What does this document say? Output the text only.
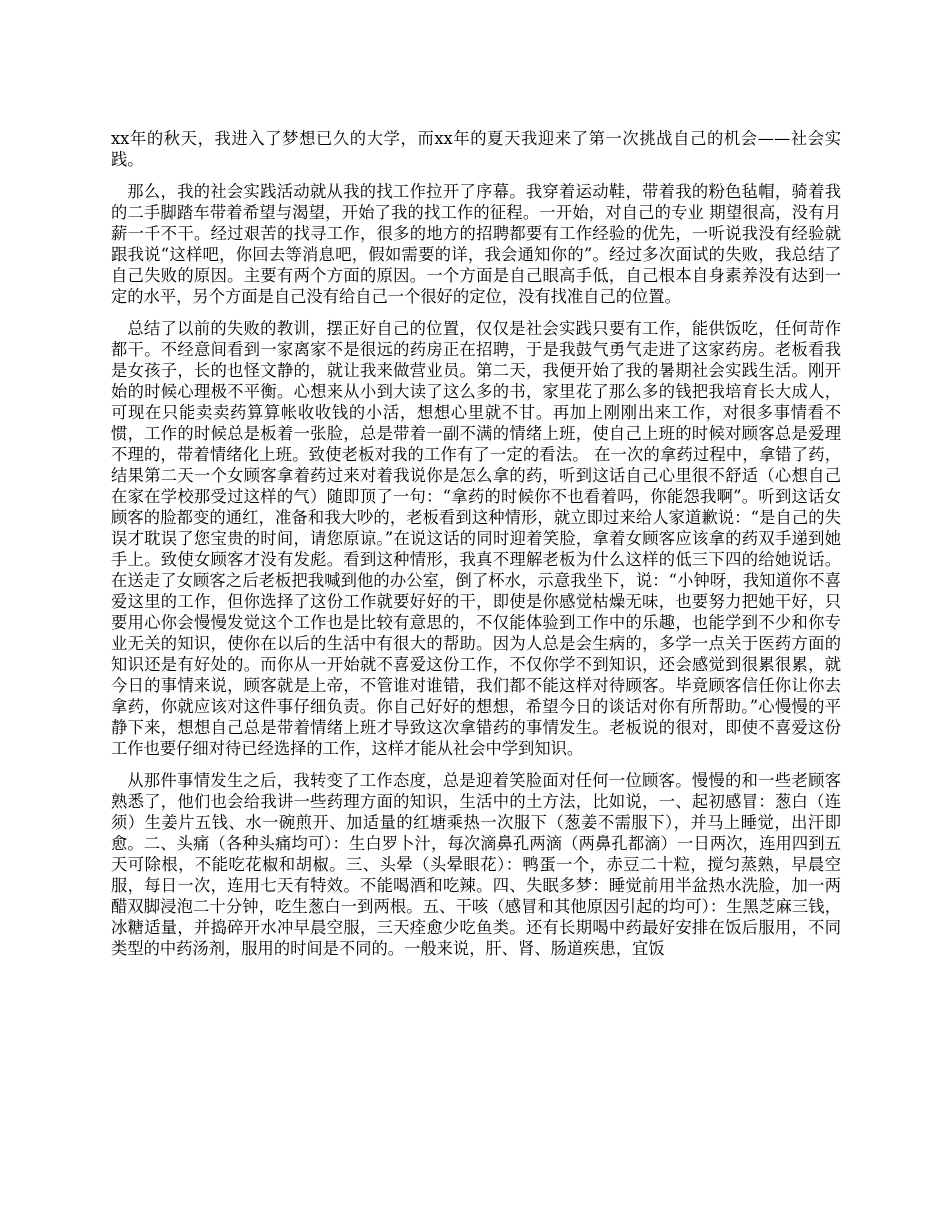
xx年的秋天，我进入了梦想已久的大学，而xx年的夏天我迎来了第一次挑战自己的机会——社会实践。

那么，我的社会实践活动就从我的找工作拉开了序幕。我穿着运动鞋，带着我的粉色毡帽，骑着我的二手脚踏车带着希望与渴望，开始了我的找工作的征程。一开始，对自己的专业 期望很高，没有月薪一千不干。经过艰苦的找寻工作，很多的地方的招聘都要有工作经验的优先，一听说我没有经验就跟我说“这样吧，你回去等消息吧，假如需要的详，我会通知你的”。经过多次面试的失败，我总结了自己失败的原因。主要有两个方面的原因。一个方面是自己眼高手低，自己根本自身素养没有达到一定的水平，另个方面是自己没有给自己一个很好的定位，没有找准自己的位置。

总结了以前的失败的教训，摆正好自己的位置，仅仅是社会实践只要有工作，能供饭吃，任何苛作都干。不经意间看到一家离家不是很远的药房正在招聘，于是我鼓气勇气走进了这家药房。老板看我是女孩子，长的也怪文静的，就让我来做营业员。第二天，我便开始了我的暑期社会实践生活。刚开始的时候心理极不平衡。心想来从小到大读了这么多的书，家里花了那么多的钱把我培育长大成人，可现在只能卖卖药算算帐收收钱的小活，想想心里就不甘。再加上刚刚出来工作，对很多事情看不惯，工作的时候总是板着一张脸，总是带着一副不满的情绪上班，使自己上班的时候对顾客总是爱理不理的，带着情绪化上班。致使老板对我的工作有了一定的看法。 在一次的拿药过程中，拿错了药，结果第二天一个女顾客拿着药过来对着我说你是怎么拿的药，听到这话自己心里很不舒适（心想自己在家在学校那受过这样的气）随即顶了一句：“拿药的时候你不也看着吗，你能怨我啊”。听到这话女顾客的脸都变的通红，准备和我大吵的，老板看到这种情形，就立即过来给人家道歉说：“是自己的失误才耽误了您宝贵的时间，请您原谅。”在说这话的同时迎着笑脸，拿着女顾客应该拿的药双手递到她手上。致使女顾客才没有发彪。看到这种情形，我真不理解老板为什么这样的低三下四的给她说话。在送走了女顾客之后老板把我喊到他的办公室，倒了杯水，示意我坐下，说：“小钟呀，我知道你不喜爱这里的工作，但你选择了这份工作就要好好的干，即使是你感觉枯燥无味，也要努力把她干好，只要用心你会慢慢发觉这个工作也是比较有意思的，不仅能体验到工作中的乐趣，也能学到不少和你专业无关的知识，使你在以后的生活中有很大的帮助。因为人总是会生病的，多学一点关于医药方面的知识还是有好处的。而你从一开始就不喜爱这份工作，不仅你学不到知识，还会感觉到很累很累，就今日的事情来说，顾客就是上帝，不管谁对谁错，我们都不能这样对待顾客。毕竟顾客信任你让你去拿药，你就应该对这件事仔细负责。你自己好好的想想，希望今日的谈话对你有所帮助。”心慢慢的平静下来，想想自己总是带着情绪上班才导致这次拿错药的事情发生。老板说的很对，即使不喜爱这份工作也要仔细对待已经选择的工作，这样才能从社会中学到知识。

从那件事情发生之后，我转变了工作态度，总是迎着笑脸面对任何一位顾客。慢慢的和一些老顾客熟悉了，他们也会给我讲一些药理方面的知识，生活中的土方法，比如说，一、起初感冒：葱白（连须）生姜片五钱、水一碗煎开、加适量的红塘乘热一次服下（葱姜不需服下），并马上睡觉，出汗即愈。二、头痛（各种头痛均可）：生白罗卜汁，每次滴鼻孔两滴（两鼻孔都滴）一日两次，连用四到五天可除根，不能吃花椒和胡椒。三、头晕（头晕眼花）：鸭蛋一个，赤豆二十粒，搅匀蒸熟，早晨空服，每日一次，连用七天有特效。不能喝酒和吃辣。四、失眠多梦：睡觉前用半盆热水洗脸，加一两醋双脚浸泡二十分钟，吃生葱白一到两根。五、干咳（感冒和其他原因引起的均可）：生黑芝麻三钱，冰糖适量，并捣碎开水冲早晨空服，三天痊愈少吃鱼类。还有长期喝中药最好安排在饭后服用，不同类型的中药汤剂，服用的时间是不同的。一般来说，肝、肾、肠道疾患，宜饭
